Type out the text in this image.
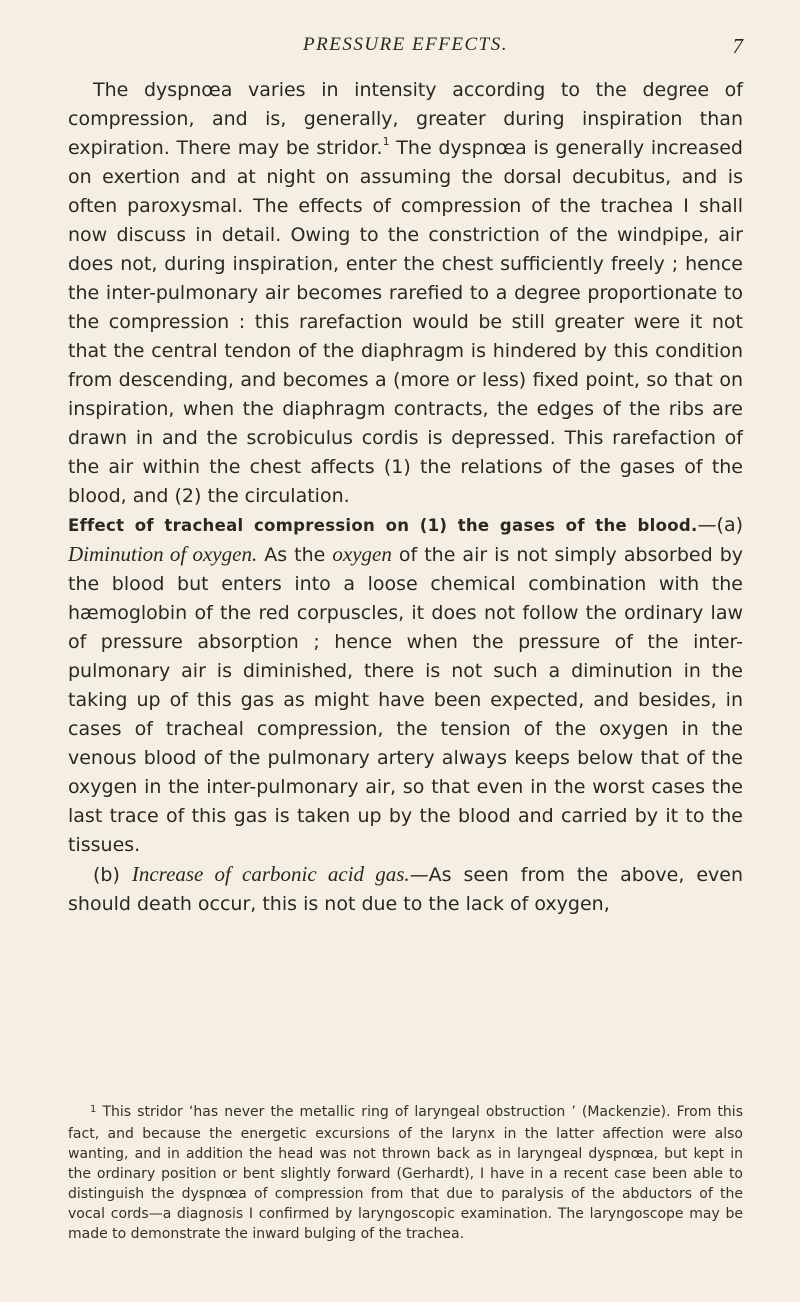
PRESSURE EFFECTS.	7

The dyspnœa varies in intensity according to the degree of compression, and is, generally, greater during inspiration than expiration. There may be stridor.$^1$ The dyspnœa is generally increased on exertion and at night on assuming the dorsal decubitus, and is often paroxysmal. The effects of compression of the trachea I shall now discuss in detail. Owing to the constriction of the windpipe, air does not, during inspiration, enter the chest sufficiently freely ; hence the inter-pulmonary air becomes rarefied to a degree proportionate to the compression : this rarefaction would be still greater were it not that the central tendon of the diaphragm is hindered by this condition from descending, and becomes a (more or less) fixed point, so that on inspiration, when the diaphragm contracts, the edges of the ribs are drawn in and the scrobiculus cordis is depressed. This rarefaction of the air within the chest affects (1) the relations of the gases of the blood, and (2) the circulation.

Effect of tracheal compression on (1) the gases of the blood.—(a) Diminution of oxygen. As the oxygen of the air is not simply absorbed by the blood but enters into a loose chemical combination with the hæmoglobin of the red corpuscles, it does not follow the ordinary law of pressure absorption ; hence when the pressure of the inter-pulmonary air is diminished, there is not such a diminution in the taking up of this gas as might have been expected, and besides, in cases of tracheal compression, the tension of the oxygen in the venous blood of the pulmonary artery always keeps below that of the oxygen in the inter-pulmonary air, so that even in the worst cases the last trace of this gas is taken up by the blood and carried by it to the tissues.

(b) Increase of carbonic acid gas.—As seen from the above, even should death occur, this is not due to the lack of oxygen,

$^1$ This stridor ‘has never the metallic ring of laryngeal obstruction ’ (Mackenzie). From this fact, and because the energetic excursions of the larynx in the latter affection were also wanting, and in addition the head was not thrown back as in laryngeal dyspnœa, but kept in the ordinary position or bent slightly forward (Gerhardt), I have in a recent case been able to distinguish the dyspnœa of compression from that due to paralysis of the abductors of the vocal cords—a diagnosis I confirmed by laryngoscopic examination. The laryngoscope may be made to demonstrate the inward bulging of the trachea.
